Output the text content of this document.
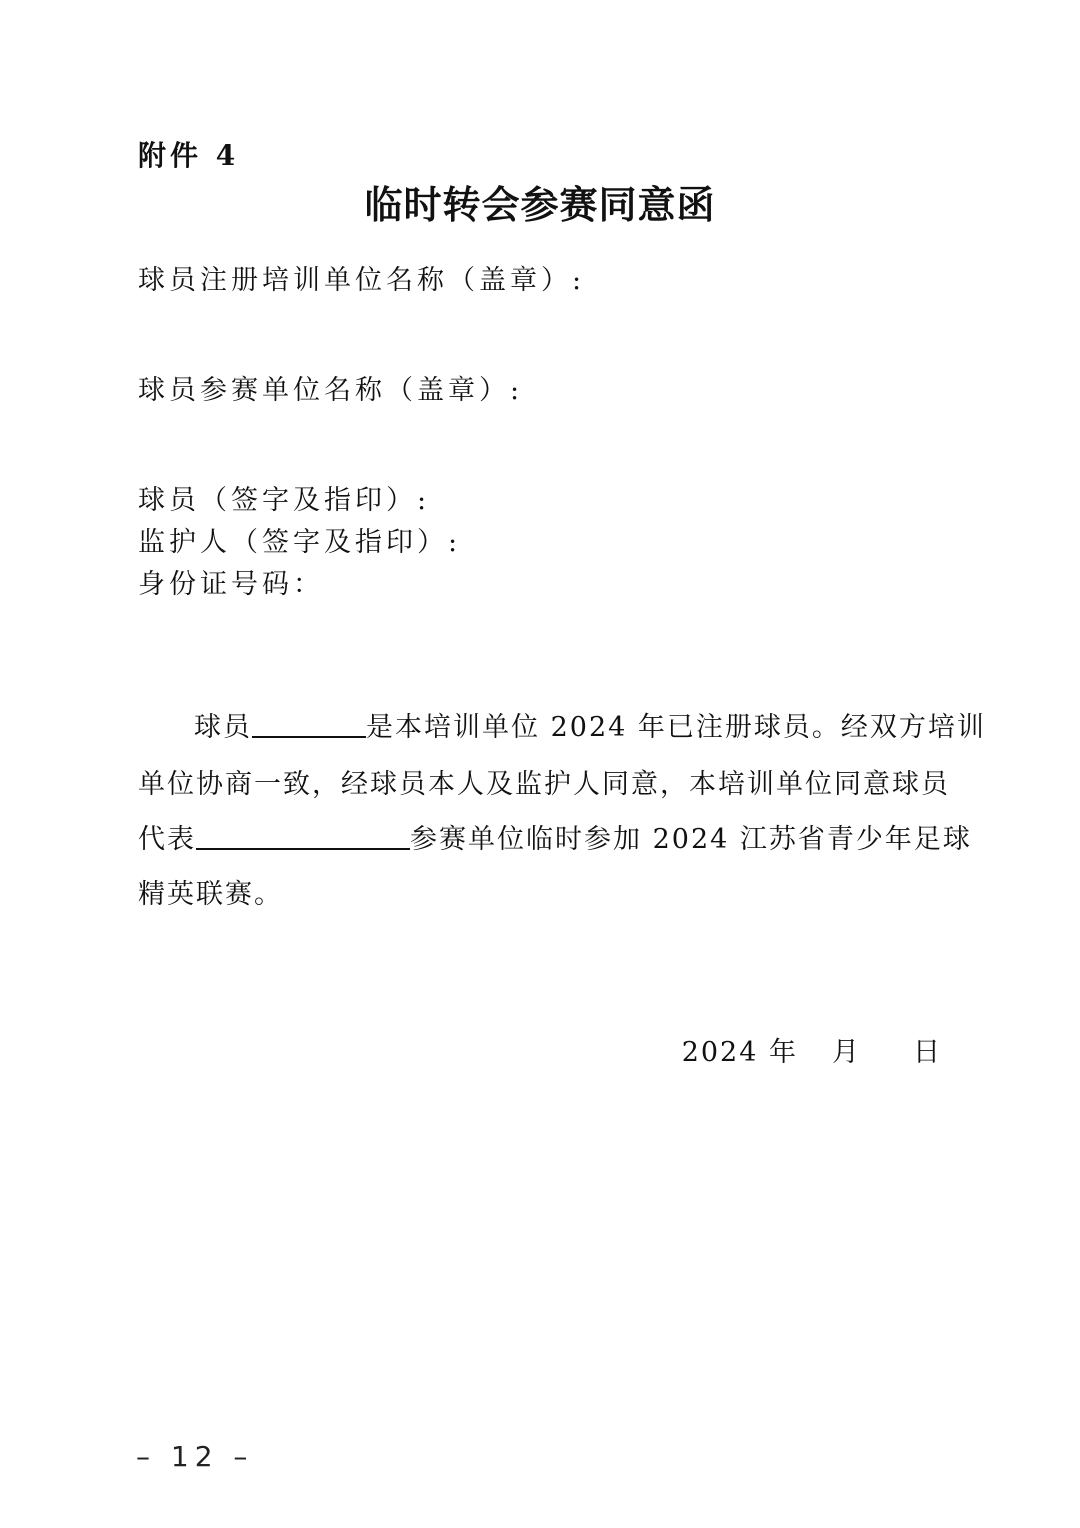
附件 4
临时转会参赛同意函
球员注册培训单位名称（盖章）:
球员参赛单位名称（盖章）:
球员（签字及指印）:
监护人（签字及指印）:
身份证号码：
球员	是本培训单位 2024 年已注册球员。经双方培训
单位协商一致，经球员本人及监护人同意，本培训单位同意球员
代表	参赛单位临时参加 2024 江苏省青少年足球
精英联赛。
2024 年 月 日
– 12 –
